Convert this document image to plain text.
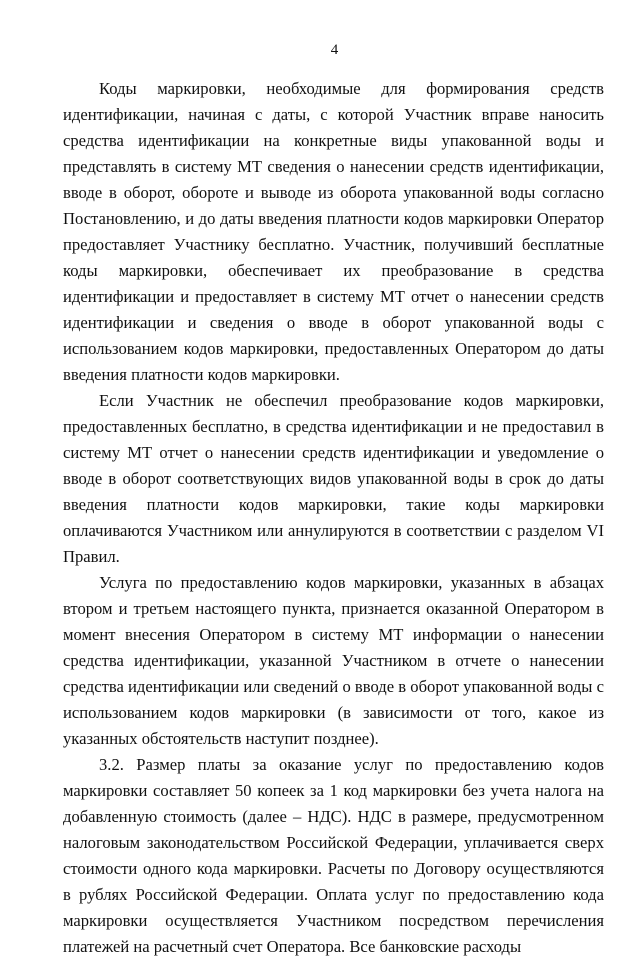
4

Коды маркировки, необходимые для формирования средств идентификации, начиная с даты, с которой Участник вправе наносить средства идентификации на конкретные виды упакованной воды и представлять в систему МТ сведения о нанесении средств идентификации, вводе в оборот, обороте и выводе из оборота упакованной воды согласно Постановлению, и до даты введения платности кодов маркировки Оператор предоставляет Участнику бесплатно. Участник, получивший бесплатные коды маркировки, обеспечивает их преобразование в средства идентификации и предоставляет в систему МТ отчет о нанесении средств идентификации и сведения о вводе в оборот упакованной воды с использованием кодов маркировки, предоставленных Оператором до даты введения платности кодов маркировки.

Если Участник не обеспечил преобразование кодов маркировки, предоставленных бесплатно, в средства идентификации и не предоставил в систему МТ отчет о нанесении средств идентификации и уведомление о вводе в оборот соответствующих видов упакованной воды в срок до даты введения платности кодов маркировки, такие коды маркировки оплачиваются Участником или аннулируются в соответствии с разделом VI Правил.

Услуга по предоставлению кодов маркировки, указанных в абзацах втором и третьем настоящего пункта, признается оказанной Оператором в момент внесения Оператором в систему МТ информации о нанесении средства идентификации, указанной Участником в отчете о нанесении средства идентификации или сведений о вводе в оборот упакованной воды с использованием кодов маркировки (в зависимости от того, какое из указанных обстоятельств наступит позднее).

3.2. Размер платы за оказание услуг по предоставлению кодов маркировки составляет 50 копеек за 1 код маркировки без учета налога на добавленную стоимость (далее – НДС). НДС в размере, предусмотренном налоговым законодательством Российской Федерации, уплачивается сверх стоимости одного кода маркировки. Расчеты по Договору осуществляются в рублях Российской Федерации. Оплата услуг по предоставлению кода маркировки осуществляется Участником посредством перечисления платежей на расчетный счет Оператора. Все банковские расходы
